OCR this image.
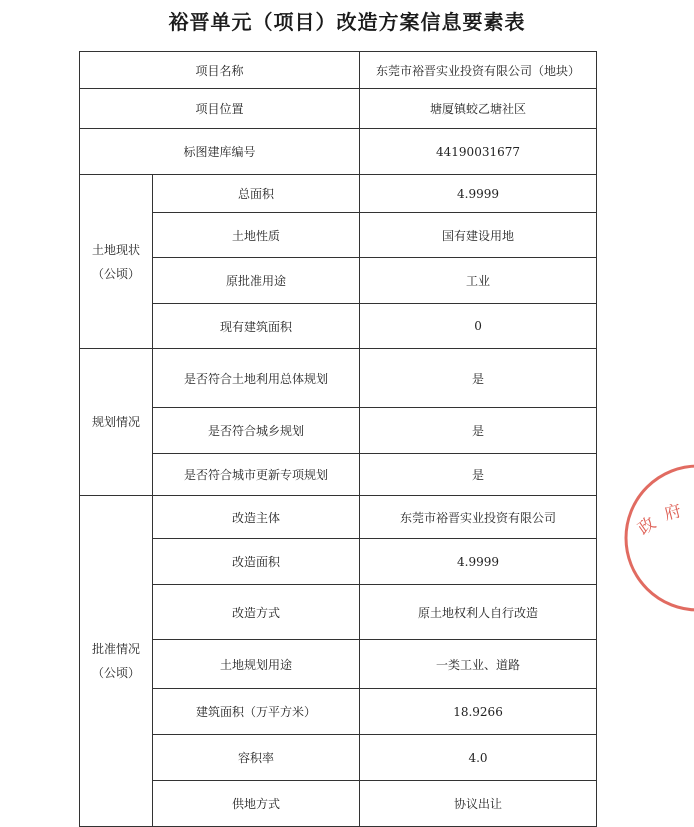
裕晋单元（项目）改造方案信息要素表
项目名称		东莞市裕晋实业投资有限公司（地块）
项目位置		塘厦镇蛟乙塘社区
标图建库编号		44190031677

土地现状
（公顷）	总面积	4.9999
	土地性质	国有建设用地
	原批准用途	工业
	现有建筑面积	0

规划情况	是否符合土地利用总体规划	是
	是否符合城乡规划	是
	是否符合城市更新专项规划	是

批准情况
（公顷）	改造主体	东莞市裕晋实业投资有限公司
	改造面积	4.9999
	改造方式	原土地权利人自行改造
	土地规划用途	一类工业、道路
	建筑面积（万平方米）	18.9266
	容积率	4.0
	供地方式	协议出让
政
府
